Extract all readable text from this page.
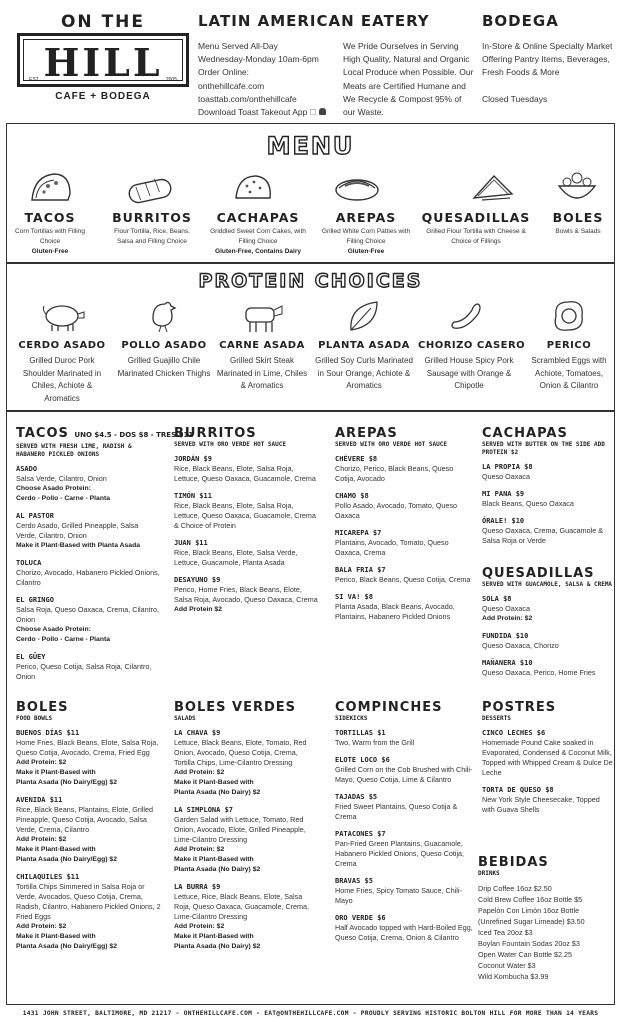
ON THE
HILL
EST	2005
CAFE + BODEGA
LATIN AMERICAN EATERY
Menu Served All-Day
Wednesday-Monday 10am-6pm
Order Online:
onthehillcafe.com
toasttab.com/onthehillcafe
Download Toast Takeout App
We Pride Ourselves in Serving
High Quality, Natural and Organic
Local Produce when Possible. Our
Meats are Certified Humane and
We Recycle & Compost 95% of
our Waste.
BODEGA
In-Store & Online Specialty Market
Offering Pantry Items, Beverages,
Fresh Foods & More

Closed Tuesdays
MENU
TACOS
Corn Tortillas with Filling Choice
Gluten-Free
BURRITOS
Flour Tortilla, Rice, Beans, Salsa and Filling Choice
CACHAPAS
Griddled Sweet Corn Cakes, with Filling Choice
Gluten-Free, Contains Dairy
AREPAS
Grilled White Corn Patties with Filling Choice
Gluten-Free
QUESADILLAS
Grilled Flour Tortilla with Cheese & Choice of Fillings
BOLES
Bowls & Salads
PROTEIN CHOICES
CERDO ASADO
Grilled Duroc Pork Shoulder Marinated in Chiles, Achiote & Aromatics
POLLO ASADO
Grilled Guajillo Chile Marinated Chicken Thighs
CARNE ASADA
Grilled Skirt Steak Marinated in Lime, Chiles & Aromatics
PLANTA ASADA
Grilled Soy Curls Marinated in Sour Orange, Achiote & Aromatics
CHORIZO CASERO
Grilled House Spicy Pork Sausage with Orange & Chipotle
PERICO
Scrambled Eggs with Achiote, Tomatoes, Onion & Cilantro
TACOS UNO $4.5 - DOS $8 - TRES $11
SERVED WITH FRESH LIME, RADISH & HABANERO PICKLED ONIONS
ASADO
Salsa Verde, Cilantro, Onion
Choose Asado Protein:
Cerdo - Pollo - Carne - Planta
AL PASTOR
Cerdo Asado, Grilled Pineapple, Salsa Verde, Cilantro, Onion
Make it Plant-Based with Planta Asada
TOLUCA
Chorizo, Avocado, Habanero Pickled Onions, Cilantro
EL GRINGO
Salsa Roja, Queso Oaxaca, Crema, Cilantro, Onion
Choose Asado Protein:
Cerdo - Pollo - Carne - Planta
EL GÜEY
Perico, Queso Cotija, Salsa Roja, Cilantro, Onion
BOLES
FOOD BOWLS
BUENOS DÍAS $11
Home Fries, Black Beans, Elote, Salsa Roja, Queso Cotija, Avocado, Crema, Fried Egg
Add Protein: $2
Make it Plant-Based with
Planta Asada (No Dairy/Egg) $2
AVENIDA $11
Rice, Black Beans, Plantains, Elote, Grilled Pineapple, Queso Cotija, Avocado, Salsa Verde, Crema, Cilantro
Add Protein: $2
Make it Plant-Based with
Planta Asada (No Dairy/Egg) $2
CHILAQUILES $11
Tortilla Chips Simmered in Salsa Roja or Verde, Avocados, Queso Cotija, Crema, Radish, Cilantro, Habanero Pickled Onions, 2 Fried Eggs
Add Protein: $2
Make it Plant-Based with
Planta Asada (No Dairy/Egg) $2
BURRITOS
SERVED WITH ORO VERDE HOT SAUCE
JORDÁN $9
Rice, Black Beans, Elote, Salsa Roja, Lettuce, Queso Oaxaca, Guacamole, Crema
TIMÓN $11
Rice, Black Beans, Elote, Salsa Roja, Lettuce, Queso Oaxaca, Guacamole, Crema & Choice of Protein
JUAN $11
Rice, Black Beans, Elote, Salsa Verde, Lettuce, Guacamole, Planta Asada
DESAYUNO $9
Perico, Home Fries, Black Beans, Elote, Salsa Roja, Avocado, Queso Oaxaca, Crema
Add Protein $2
BOLES VERDES
SALADS
LA CHAVA $9
Lettuce, Black Beans, Elote, Tomato, Red Onion, Avocado, Queso Cotija, Crema, Tortilla Chips, Lime-Cilantro Dressing
Add Protein: $2
Make it Plant-Based with
Planta Asada (No Dairy) $2
LA SIMPLONA $7
Garden Salad with Lettuce, Tomato, Red Onion, Avocado, Elote, Grilled Pineapple, Lime-Cilantro Dressing
Add Protein: $2
Make it Plant-Based with
Planta Asada (No Dairy) $2
LA BURRA $9
Lettuce, Rice, Black Beans, Elote, Salsa Roja, Queso Oaxaca, Guacamole, Crema, Lime-Cilantro Dressing
Add Protein: $2
Make it Plant-Based with
Planta Asada (No Dairy) $2
AREPAS
SERVED WITH ORO VERDE HOT SAUCE
CHÉVERE $8
Chorizo, Perico, Black Beans, Queso Cotija, Avocado
CHAMO $8
Pollo Asado, Avocado, Tomato, Queso Oaxaca
MICAREPA $7
Plantains, Avocado, Tomato, Queso Oaxaca, Crema
BALA FRIA $7
Perico, Black Beans, Queso Cotija, Crema
SI VA! $8
Planta Asada, Black Beans, Avocado, Plantains, Habanero Pickled Onions
COMPINCHES
SIDEKICKS
TORTILLAS $1
Two, Warm from the Grill
ELOTE LOCO $6
Grilled Corn on the Cob Brushed with Chili-Mayo, Queso Cotija, Lime & Cilantro
TAJADAS $5
Fried Sweet Plantains, Queso Cotija & Crema
PATACONES $7
Pan-Fried Green Plantains, Guacamole, Habanero Pickled Onions, Queso Cotija, Crema
BRAVAS $5
Home Fries, Spicy Tomato Sauce, Chili-Mayo
ORO VERDE $6
Half Avocado topped with Hard-Boiled Egg, Queso Cotija, Crema, Onion & Cilantro
CACHAPAS
SERVED WITH BUTTER ON THE SIDE ADD PROTEIN $2
LA PROPIA $8
Queso Oaxaca
MI PANA $9
Black Beans, Queso Oaxaca
ÓRALE! $10
Queso Oaxaca, Crema, Guacamole & Salsa Roja or Verde
QUESADILLAS
SERVED WITH GUACAMOLE, SALSA & CREMA
SOLA $8
Queso Oaxaca
Add Protein: $2
FUNDIDA $10
Queso Oaxaca, Chorizo
MAÑANERA $10
Queso Oaxaca, Perico, Home Fries
POSTRES
DESSERTS
CINCO LECHES $6
Homemade Pound Cake soaked in Evaporated, Condensed & Coconut Milk, Topped with Whipped Cream & Dulce De Leche
TORTA DE QUESO $8
New York Style Cheesecake, Topped with Guava Shells
BEBIDAS
DRINKS
Drip Coffee 16oz $2.50
Cold Brew Coffee 16oz Bottle $5
Papelón Con Limón 16oz Bottle
(Unrefined Sugar Limeade) $3.50
Iced Tea 20oz $3
Boylan Fountain Sodas 20oz $3
Open Water Can Bottle $2.25
Coconut Water $3
Wild Kombucha $3.99
1431 JOHN STREET, BALTIMORE, MD 21217 - ONTHEHILLCAFE.COM - EAT@ONTHEHILLCAFE.COM - PROUDLY SERVING HISTORIC BOLTON HILL FOR MORE THAN 14 YEARS
